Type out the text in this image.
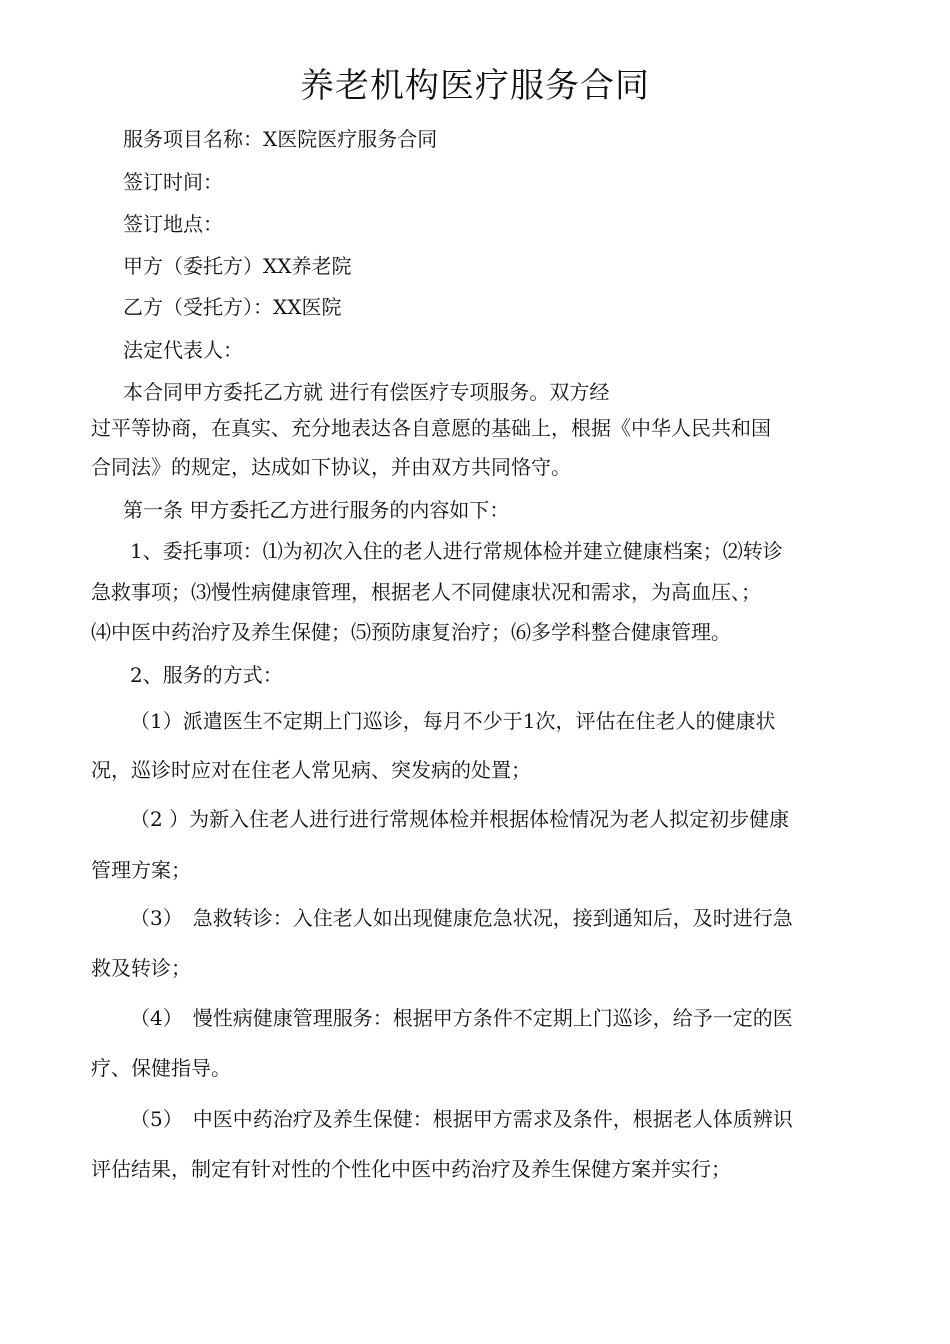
养老机构医疗服务合同
服务项目名称：X医院医疗服务合同
签订时间：
签订地点：
甲方（委托方）XX养老院
乙方（受托方）：XX医院
法定代表人：
本合同甲方委托乙方就 进行有偿医疗专项服务。双方经
过平等协商，在真实、充分地表达各自意愿的基础上，根据《中华人民共和国
合同法》的规定，达成如下协议，并由双方共同恪守。
第一条 甲方委托乙方进行服务的内容如下：
1、委托事项：⑴为初次入住的老人进行常规体检并建立健康档案；⑵转诊
急救事项；⑶慢性病健康管理，根据老人不同健康状况和需求，为高血压、；
⑷中医中药治疗及养生保健；⑸预防康复治疗；⑹多学科整合健康管理。
2、服务的方式：
（1）派遣医生不定期上门巡诊，每月不少于1次，评估在住老人的健康状
况，巡诊时应对在住老人常见病、突发病的处置；
（2 ）为新入住老人进行进行常规体检并根据体检情况为老人拟定初步健康
管理方案；
（3）　急救转诊：入住老人如出现健康危急状况，接到通知后，及时进行急
救及转诊；
（4）　慢性病健康管理服务：根据甲方条件不定期上门巡诊，给予一定的医
疗、保健指导。
（5）　中医中药治疗及养生保健：根据甲方需求及条件，根据老人体质辨识
评估结果，制定有针对性的个性化中医中药治疗及养生保健方案并实行；
